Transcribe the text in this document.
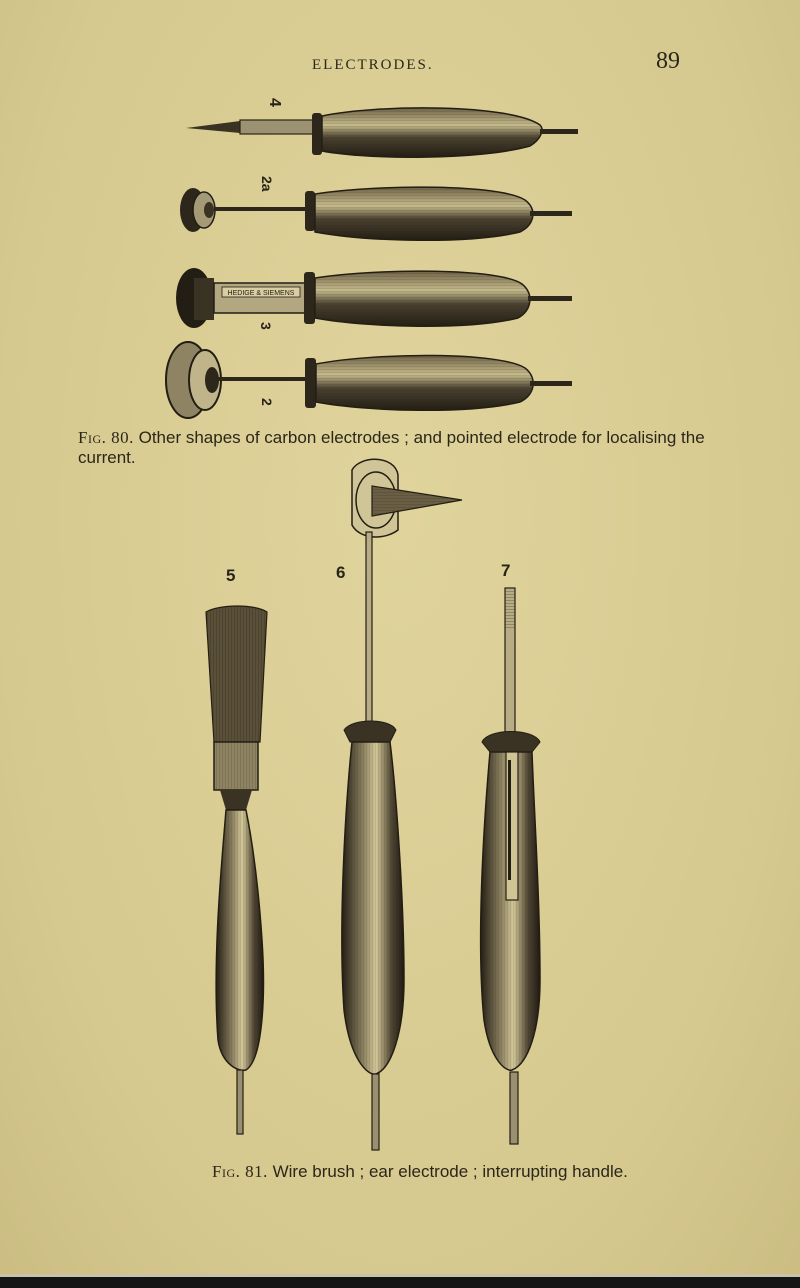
ELECTRODES.	89
HEDIGE & SIEMENS
4
2a
3
2
5	6	7
Fig. 80. Other shapes of carbon electrodes ; and pointed electrode for localising the current.
Fig. 81. Wire brush ; ear electrode ; interrupting handle.
